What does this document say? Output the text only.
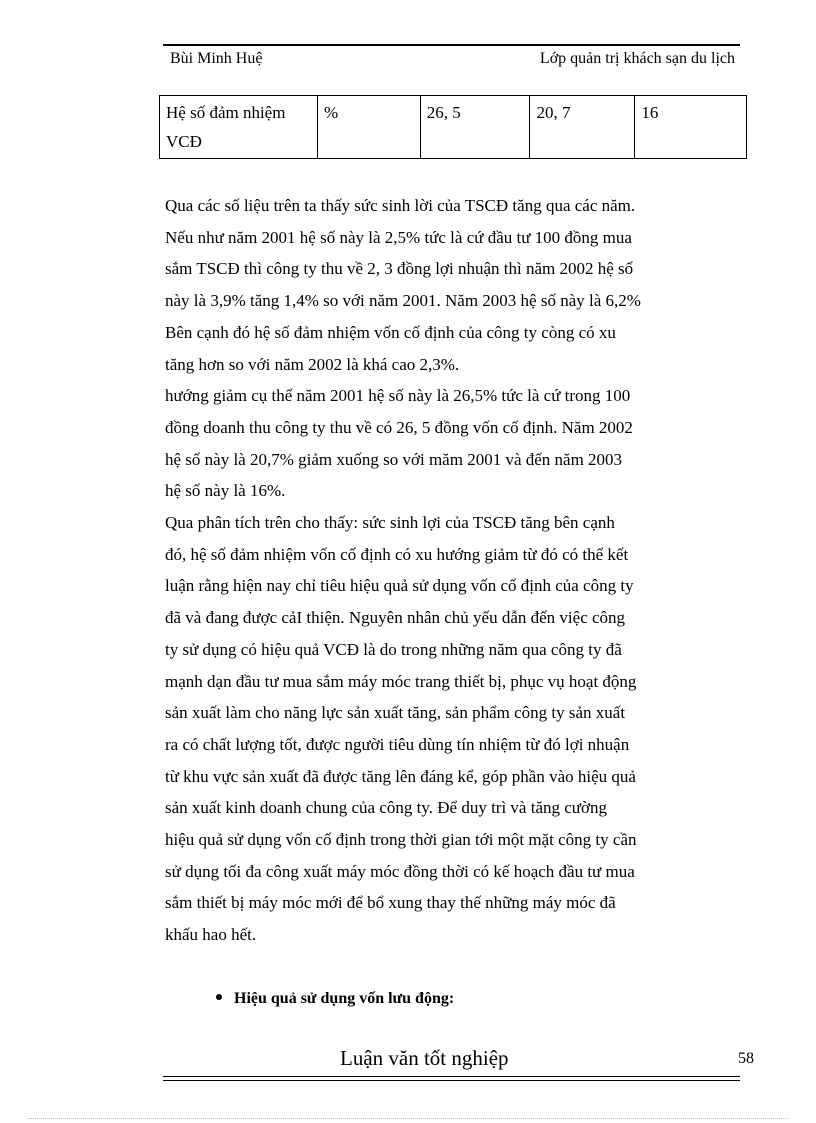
Bùi Minh Huệ	Lớp quản trị khách sạn du lịch
Hệ số đảm nhiệm VCĐ	%	26, 5	20, 7	16

Qua các số liệu trên ta thấy sức sinh lời của TSCĐ tăng qua các năm.

Nếu như năm 2001 hệ số này là 2,5% tức là cứ đầu tư 100 đồng mua

sắm TSCĐ thì công ty thu về 2, 3 đồng lợi nhuận thì năm 2002 hệ số

này là 3,9% tăng 1,4% so với năm 2001. Năm 2003 hệ số này là 6,2%

Bên cạnh đó hệ số đảm nhiệm vốn cố định của công ty còng có xu

tăng hơn so với năm 2002 là khá cao 2,3%.

hướng giảm cụ thể năm 2001 hệ số này là 26,5% tức là cứ trong 100

đồng doanh thu công ty thu về có 26, 5 đồng vốn cố định. Năm 2002

hệ số này là 20,7% giảm xuống so với măm 2001 và đến năm 2003

hệ số này là 16%.

Qua phân tích trên cho thấy: sức sinh lợi của TSCĐ tăng bên cạnh

đó, hệ số đảm nhiệm vốn cố định có xu hướng giảm từ đó có thể kết

luận rằng hiện nay chỉ tiêu hiệu quả sử dụng vốn cố định của công ty

đã và đang được cảI thiện. Nguyên nhân chủ yếu dẫn đến việc công

ty sử dụng có hiệu quả VCĐ là do trong những năm qua công ty đã

mạnh dạn đầu tư mua sắm máy móc trang thiết bị, phục vụ hoạt động

sản xuất làm cho năng lực sản xuất tăng, sản phẩm công ty sản xuất

ra có chất lượng tốt, được người tiêu dùng tín nhiệm từ đó lợi nhuận

từ khu vực sản xuất đã được tăng lên đáng kể, góp phần vào hiệu quả

sản xuất kinh doanh chung của công ty. Để duy trì và tăng cường

hiệu quả sử dụng vốn cố định trong thời gian tới một mặt công ty cần

sử dụng tối đa công xuất máy móc đồng thời có kế hoạch đầu tư mua

sắm thiết bị máy móc mới để bổ xung thay thế những máy móc đã

khấu hao hết.

Hiệu quả sử dụng vốn lưu động:
Luận văn tốt nghiệp	58
